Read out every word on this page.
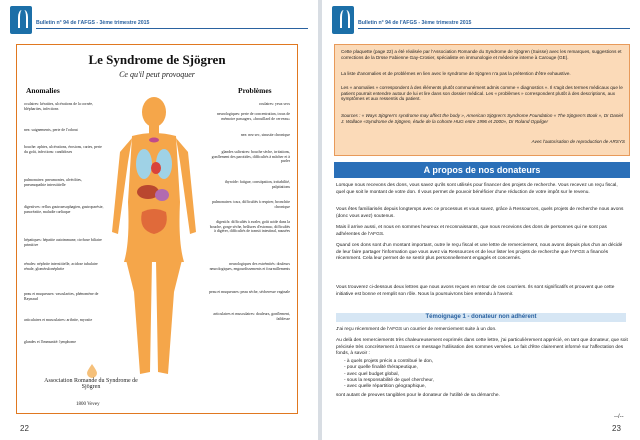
Bulletin n° 94 de l'AFGS - 3ème trimestre 2015
Le Syndrome de Sjögren
Ce qu'il peut provoquer
Anomalies	Problèmes
oculaires: kératites, ulcérations de la cornée, blépharites, infections
nez: saignements, perte de l'odorat
bouche: aphtes, ulcérations, érosions, caries, perte du goût, infections: candidoses
pulmonaires: pneumonies, alvéolites, pneumopathie interstitielle
digestives: reflux gastroœsophagien, gastroparésie, pancréatite, maladie cœliaque
hépatiques: hépatite autoimmune, cirrhose biliaire primitive
rénales: néphrite interstitielle, acidose tubulaire rénale, glomérulonéphrite
peau et muqueuses: vascularites, phénomène de Raynaud
articulaires et musculaires: arthrite, myosite
glandes et l'immunité: lymphome
oculaires: yeux secs
neurologiques: perte de concentration, trous de mémoire passagers, «brouillard de cerveau»
nez: nez sec, sinusite chronique
glandes salivaires: bouche sèche, irritations, gonflement des parotides, difficultés à mâcher et à parler
thyroïde: fatigue, constipation, irritabilité, palpitations
pulmonaires: toux, difficultés à respirer, bronchite chronique
digestifs: difficultés à avaler, goût acide dans la bouche, gorge sèche, brûlures d'estomac, difficultés à digérer, difficultés de transit intestinal, nausées
neurologiques des extrémités: douleurs neurologiques, engourdissements et fourmillements
peau et muqueuses: peau sèche, sécheresse vaginale
articulaires et musculaires: douleurs, gonflement, faiblesse
Association Romande du Syndrome de Sjögren
1800 Vevey
22
Bulletin n° 94 de l'AFGS - 3ème trimestre 2015

Cette plaquette (page 22) a été réalisée par l'Association Romande du Syndrome de Sjögren (Suisse) avec les remarques, suggestions et corrections de la Drsse Fabienne Gay-Crosier, spécialiste en immunologie et médecine interne à Carouge (GE).

La liste d'anomalies et de problèmes en lien avec le syndrome de Sjögren n'a pas la prétention d'être exhaustive.

Les « anomalies » correspondent à des éléments plutôt communément admis comme « diagnostics ». Il s'agit des termes médicaux que le patient pourrait entendre autour de lui et lire dans son dossier médical. Les « problèmes » correspondent plutôt à des descriptions, aux symptômes et aux ressentis du patient.

Sources : « Ways Sjögren's syndrome may affect the body », American Sjögren's Syndrome Foundation « The Sjögren's Book », Dr Daniel J. Wallace «Syndrome de Sjögren, étude de la cohorte HUG entre 1996 et 2000», Dr Roland Oppliger

Avec l'autorisation de reproduction de ARSYS

A propos de nos donateurs

Lorsque nous recevons des dons, vous savez qu'ils sont utilisés pour financer des projets de recherche. Vous recevez un reçu fiscal, quel que soit le montant de votre don. Il vous permet de pouvoir bénéficier d'une réduction de votre impôt sur le revenu.

Vous êtes familiarisés depuis longtemps avec ce processus et vous savez, grâce à Ressources, quels projets de recherche nous avons (donc vous avez) soutenus.

Mais il arrive aussi, et nous en sommes heureux et reconnaissants, que nous recevions des dons de personnes qui ne sont pas adhérentes de l'AFGS.

Quand ces dons sont d'un montant important, outre le reçu fiscal et une lettre de remerciement, nous avons depuis plus d'un an décidé de leur faire partager l'information que vous avez via Ressources et de leur lister les projets de recherche que l'AFGS a financés récemment. Cela leur permet de se sentir plus personnellement engagés et concernés.

Vous trouverez ci-dessous deux lettres que nous avons reçues en retour de ces courriers. Ils sont significatifs et prouvent que cette initiative est bonne et remplit son rôle. Nous la poursuivrons bien entendu à l'avenir.

Témoignage 1 - donateur non adhérent

J'ai reçu récemment de l'AFGS un courrier de remerciement suite à un don.

Au delà des remerciements très chaleureusement exprimés dans cette lettre, j'ai particulièrement apprécié, en tant que donateur, que soit précisée très concrètement à travers ce message l'utilisation des sommes versées. Le fait d'être clairement informé sur l'affectation des fonds, à savoir :

- à quels projets précis a contribué le don,
- pour quelle finalité thérapeutique,
- avec quel budget global,
- sous la responsabilité de quel chercheur,
- avec quelle répartition géographique,

sont autant de preuves tangibles pour le donateur de l'utilité de sa démarche.

--/--
23
